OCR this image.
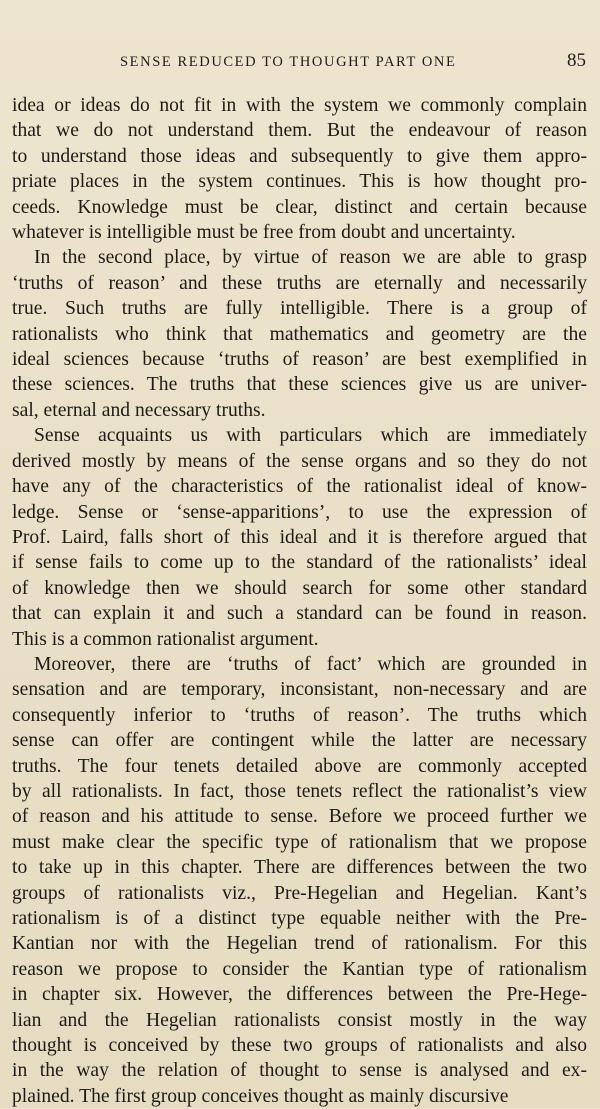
SENSE REDUCED TO THOUGHT PART ONE	85
idea or ideas do not fit in with the system we commonly complain
that we do not understand them. But the endeavour of reason
to understand those ideas and subsequently to give them appro-
priate places in the system continues. This is how thought pro-
ceeds. Knowledge must be clear, distinct and certain because
whatever is intelligible must be free from doubt and uncertainty.
In the second place, by virtue of reason we are able to grasp
‘truths of reason’ and these truths are eternally and necessarily
true. Such truths are fully intelligible. There is a group of
rationalists who think that mathematics and geometry are the
ideal sciences because ‘truths of reason’ are best exemplified in
these sciences. The truths that these sciences give us are univer-
sal, eternal and necessary truths.
Sense acquaints us with particulars which are immediately
derived mostly by means of the sense organs and so they do not
have any of the characteristics of the rationalist ideal of know-
ledge. Sense or ‘sense-apparitions’, to use the expression of
Prof. Laird, falls short of this ideal and it is therefore argued that
if sense fails to come up to the standard of the rationalists’ ideal
of knowledge then we should search for some other standard
that can explain it and such a standard can be found in reason.
This is a common rationalist argument.
Moreover, there are ‘truths of fact’ which are grounded in
sensation and are temporary, inconsistant, non-necessary and are
consequently inferior to ‘truths of reason’. The truths which
sense can offer are contingent while the latter are necessary
truths. The four tenets detailed above are commonly accepted
by all rationalists. In fact, those tenets reflect the rationalist’s view
of reason and his attitude to sense. Before we proceed further we
must make clear the specific type of rationalism that we propose
to take up in this chapter. There are differences between the two
groups of rationalists viz., Pre-Hegelian and Hegelian. Kant’s
rationalism is of a distinct type equable neither with the Pre-
Kantian nor with the Hegelian trend of rationalism. For this
reason we propose to consider the Kantian type of rationalism
in chapter six. However, the differences between the Pre-Hege-
lian and the Hegelian rationalists consist mostly in the way
thought is conceived by these two groups of rationalists and also
in the way the relation of thought to sense is analysed and ex-
plained. The first group conceives thought as mainly discursive
